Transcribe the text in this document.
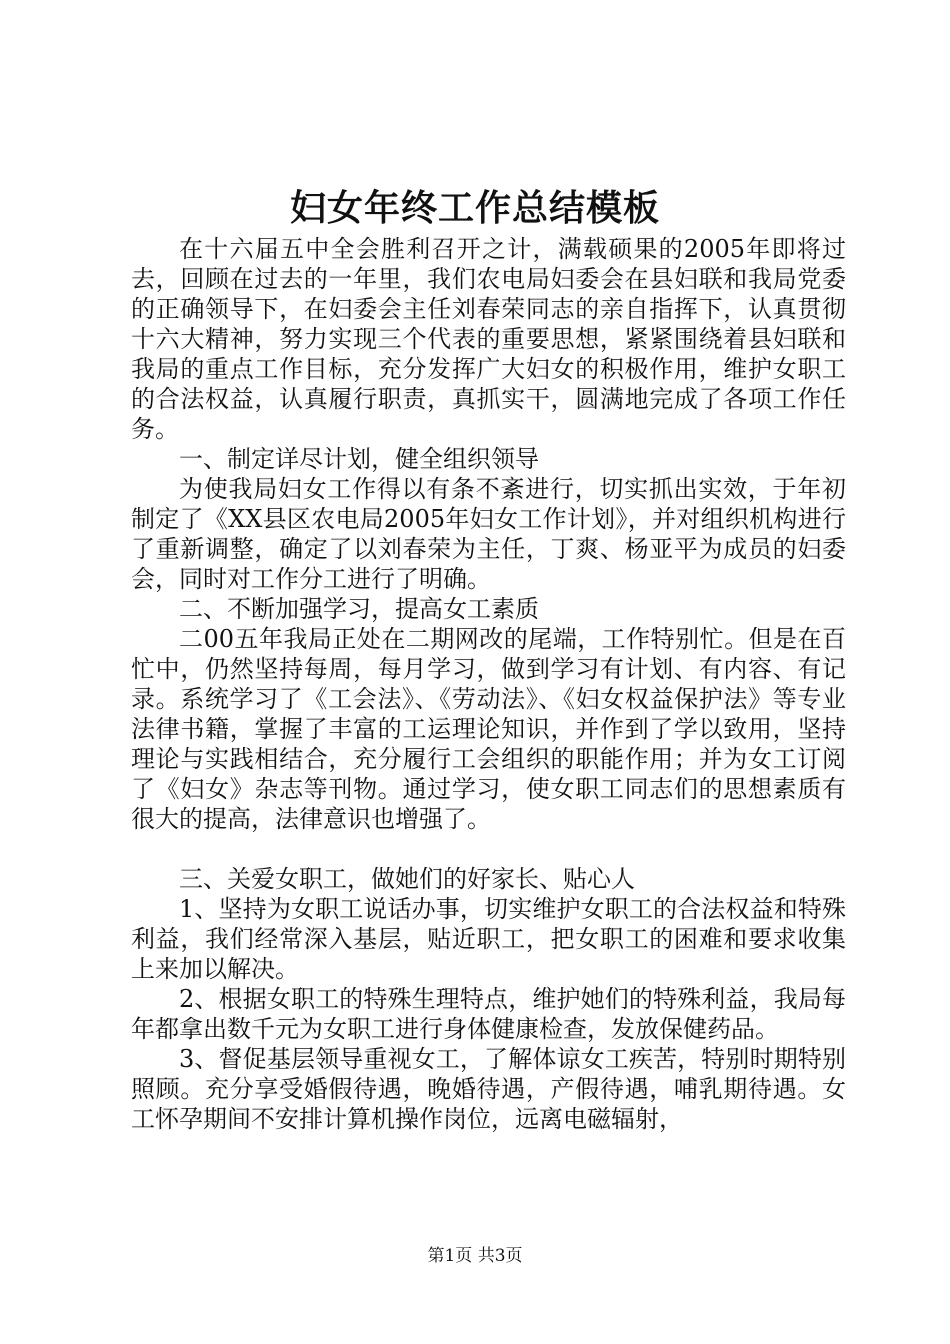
妇女年终工作总结模板

在十六届五中全会胜利召开之计，满载硕果的2005年即将过去，回顾在过去的一年里，我们农电局妇委会在县妇联和我局党委的正确领导下，在妇委会主任刘春荣同志的亲自指挥下，认真贯彻十六大精神，努力实现三个代表的重要思想，紧紧围绕着县妇联和我局的重点工作目标，充分发挥广大妇女的积极作用，维护女职工的合法权益，认真履行职责，真抓实干，圆满地完成了各项工作任务。

一、制定详尽计划，健全组织领导

为使我局妇女工作得以有条不紊进行，切实抓出实效，于年初制定了《XX县区农电局2005年妇女工作计划》，并对组织机构进行了重新调整，确定了以刘春荣为主任，丁爽、杨亚平为成员的妇委会，同时对工作分工进行了明确。

二、不断加强学习，提高女工素质

二00五年我局正处在二期网改的尾端，工作特别忙。但是在百忙中，仍然坚持每周，每月学习，做到学习有计划、有内容、有记录。系统学习了《工会法》、《劳动法》、《妇女权益保护法》等专业法律书籍，掌握了丰富的工运理论知识，并作到了学以致用，坚持理论与实践相结合，充分履行工会组织的职能作用；并为女工订阅了《妇女》杂志等刊物。通过学习，使女职工同志们的思想素质有很大的提高，法律意识也增强了。

三、关爱女职工，做她们的好家长、贴心人

1、坚持为女职工说话办事，切实维护女职工的合法权益和特殊利益，我们经常深入基层，贴近职工，把女职工的困难和要求收集上来加以解决。

2、根据女职工的特殊生理特点，维护她们的特殊利益，我局每年都拿出数千元为女职工进行身体健康检查，发放保健药品。

3、督促基层领导重视女工，了解体谅女工疾苦，特别时期特别照顾。充分享受婚假待遇，晚婚待遇，产假待遇，哺乳期待遇。女工怀孕期间不安排计算机操作岗位，远离电磁辐射，

第1页 共3页
